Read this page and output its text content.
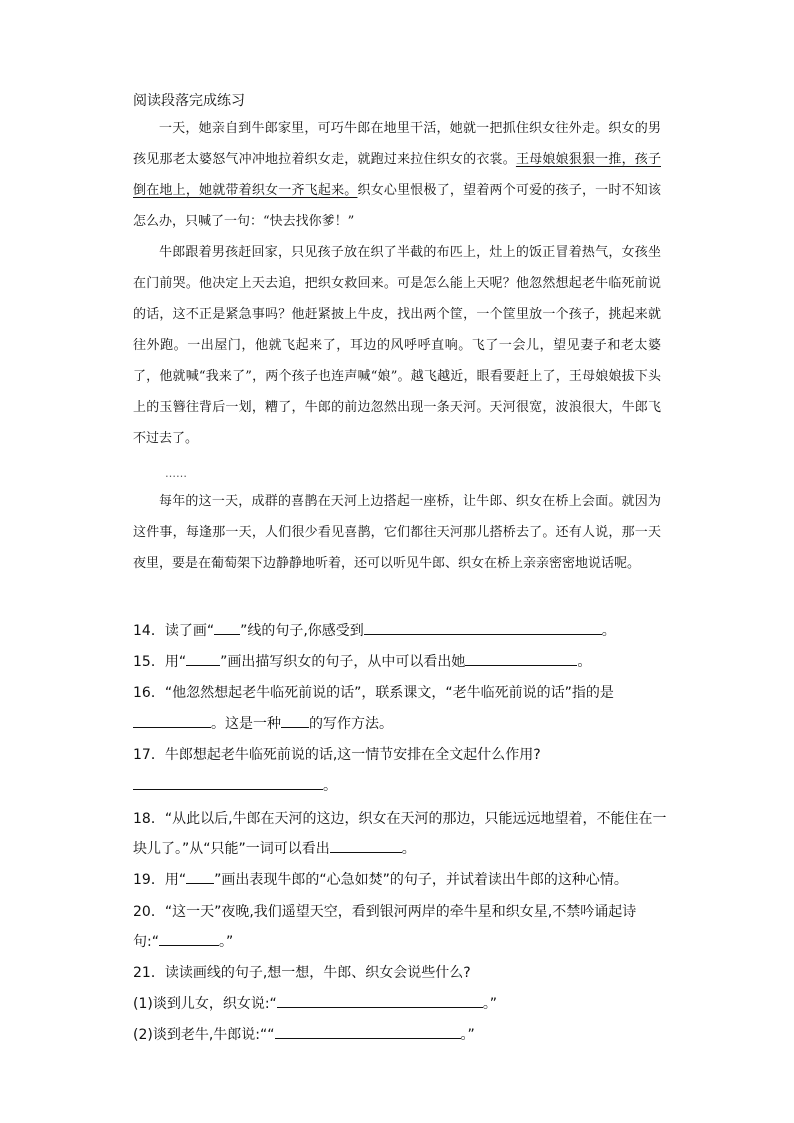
阅读段落完成练习
一天，她亲自到牛郎家里，可巧牛郎在地里干活，她就一把抓住织女往外走。织女的男孩见那老太婆怒气冲冲地拉着织女走，就跑过来拉住织女的衣裳。王母娘娘狠狠一推，孩子倒在地上，她就带着织女一齐飞起来。织女心里恨极了，望着两个可爱的孩子，一时不知该怎么办，只喊了一句：“快去找你爹！”
牛郎跟着男孩赶回家，只见孩子放在织了半截的布匹上，灶上的饭正冒着热气，女孩坐在门前哭。他决定上天去追，把织女救回来。可是怎么能上天呢？他忽然想起老牛临死前说的话，这不正是紧急事吗？他赶紧披上牛皮，找出两个筐，一个筐里放一个孩子，挑起来就往外跑。一出屋门，他就飞起来了，耳边的风呼呼直响。飞了一会儿，望见妻子和老太婆了，他就喊“我来了”，两个孩子也连声喊“娘”。越飞越近，眼看要赶上了，王母娘娘拔下头上的玉簪往背后一划，糟了，牛郎的前边忽然出现一条天河。天河很宽，波浪很大，牛郎飞不过去了。
……
每年的这一天，成群的喜鹊在天河上边搭起一座桥，让牛郎、织女在桥上会面。就因为这件事，每逢那一天，人们很少看见喜鹊，它们都往天河那儿搭桥去了。还有人说，那一天夜里，要是在葡萄架下边静静地听着，还可以听见牛郎、织女在桥上亲亲密密地说话呢。
14．读了画“ ”线的句子,你感受到	。
15．用“ ”画出描写织女的句子，从中可以看出她	。
16．“他忽然想起老牛临死前说的话”，联系课文，“老牛临死前说的话”指的是
。这是一种 的写作方法。
17．牛郎想起老牛临死前说的话,这一情节安排在全文起什么作用?
。
18．“从此以后,牛郎在天河的这边，织女在天河的那边，只能远远地望着，不能住在一
块儿了。”从“只能”一词可以看出	。
19．用“ ”画出表现牛郎的“心急如焚”的句子，并试着读出牛郎的这种心情。
20．“这一天”夜晚,我们遥望天空，看到银河两岸的牵牛星和织女星,不禁吟诵起诗
句:“	。”
21．读读画线的句子,想一想，牛郎、织女会说些什么?
(1)谈到儿女，织女说:“	。”
(2)谈到老牛,牛郎说:““	。”
